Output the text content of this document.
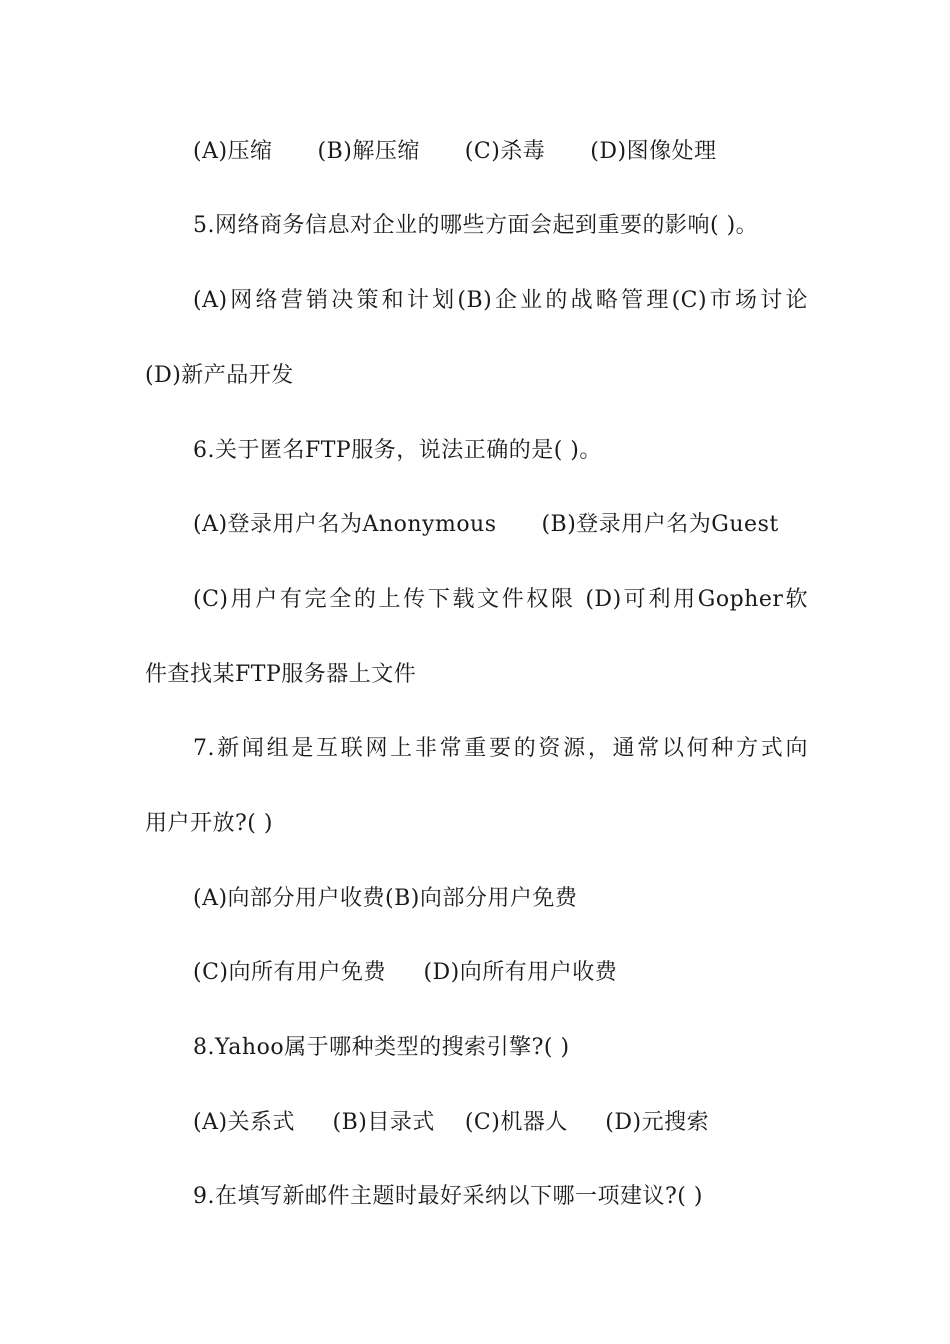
(A)压缩      (B)解压缩      (C)杀毒      (D)图像处理
5.网络商务信息对企业的哪些方面会起到重要的影响( )。
(A)网络营销决策和计划(B)企业的战略管理(C)市场讨论
(D)新产品开发
6.关于匿名FTP服务，说法正确的是( )。
(A)登录用户名为Anonymous      (B)登录用户名为Guest
(C)用户有完全的上传下载文件权限 (D)可利用Gopher软
件查找某FTP服务器上文件
7.新闻组是互联网上非常重要的资源，通常以何种方式向
用户开放?( )
(A)向部分用户收费(B)向部分用户免费
(C)向所有用户免费     (D)向所有用户收费
8.Yahoo属于哪种类型的搜索引擎?( )
(A)关系式     (B)目录式    (C)机器人     (D)元搜索
9.在填写新邮件主题时最好采纳以下哪一项建议?( )
